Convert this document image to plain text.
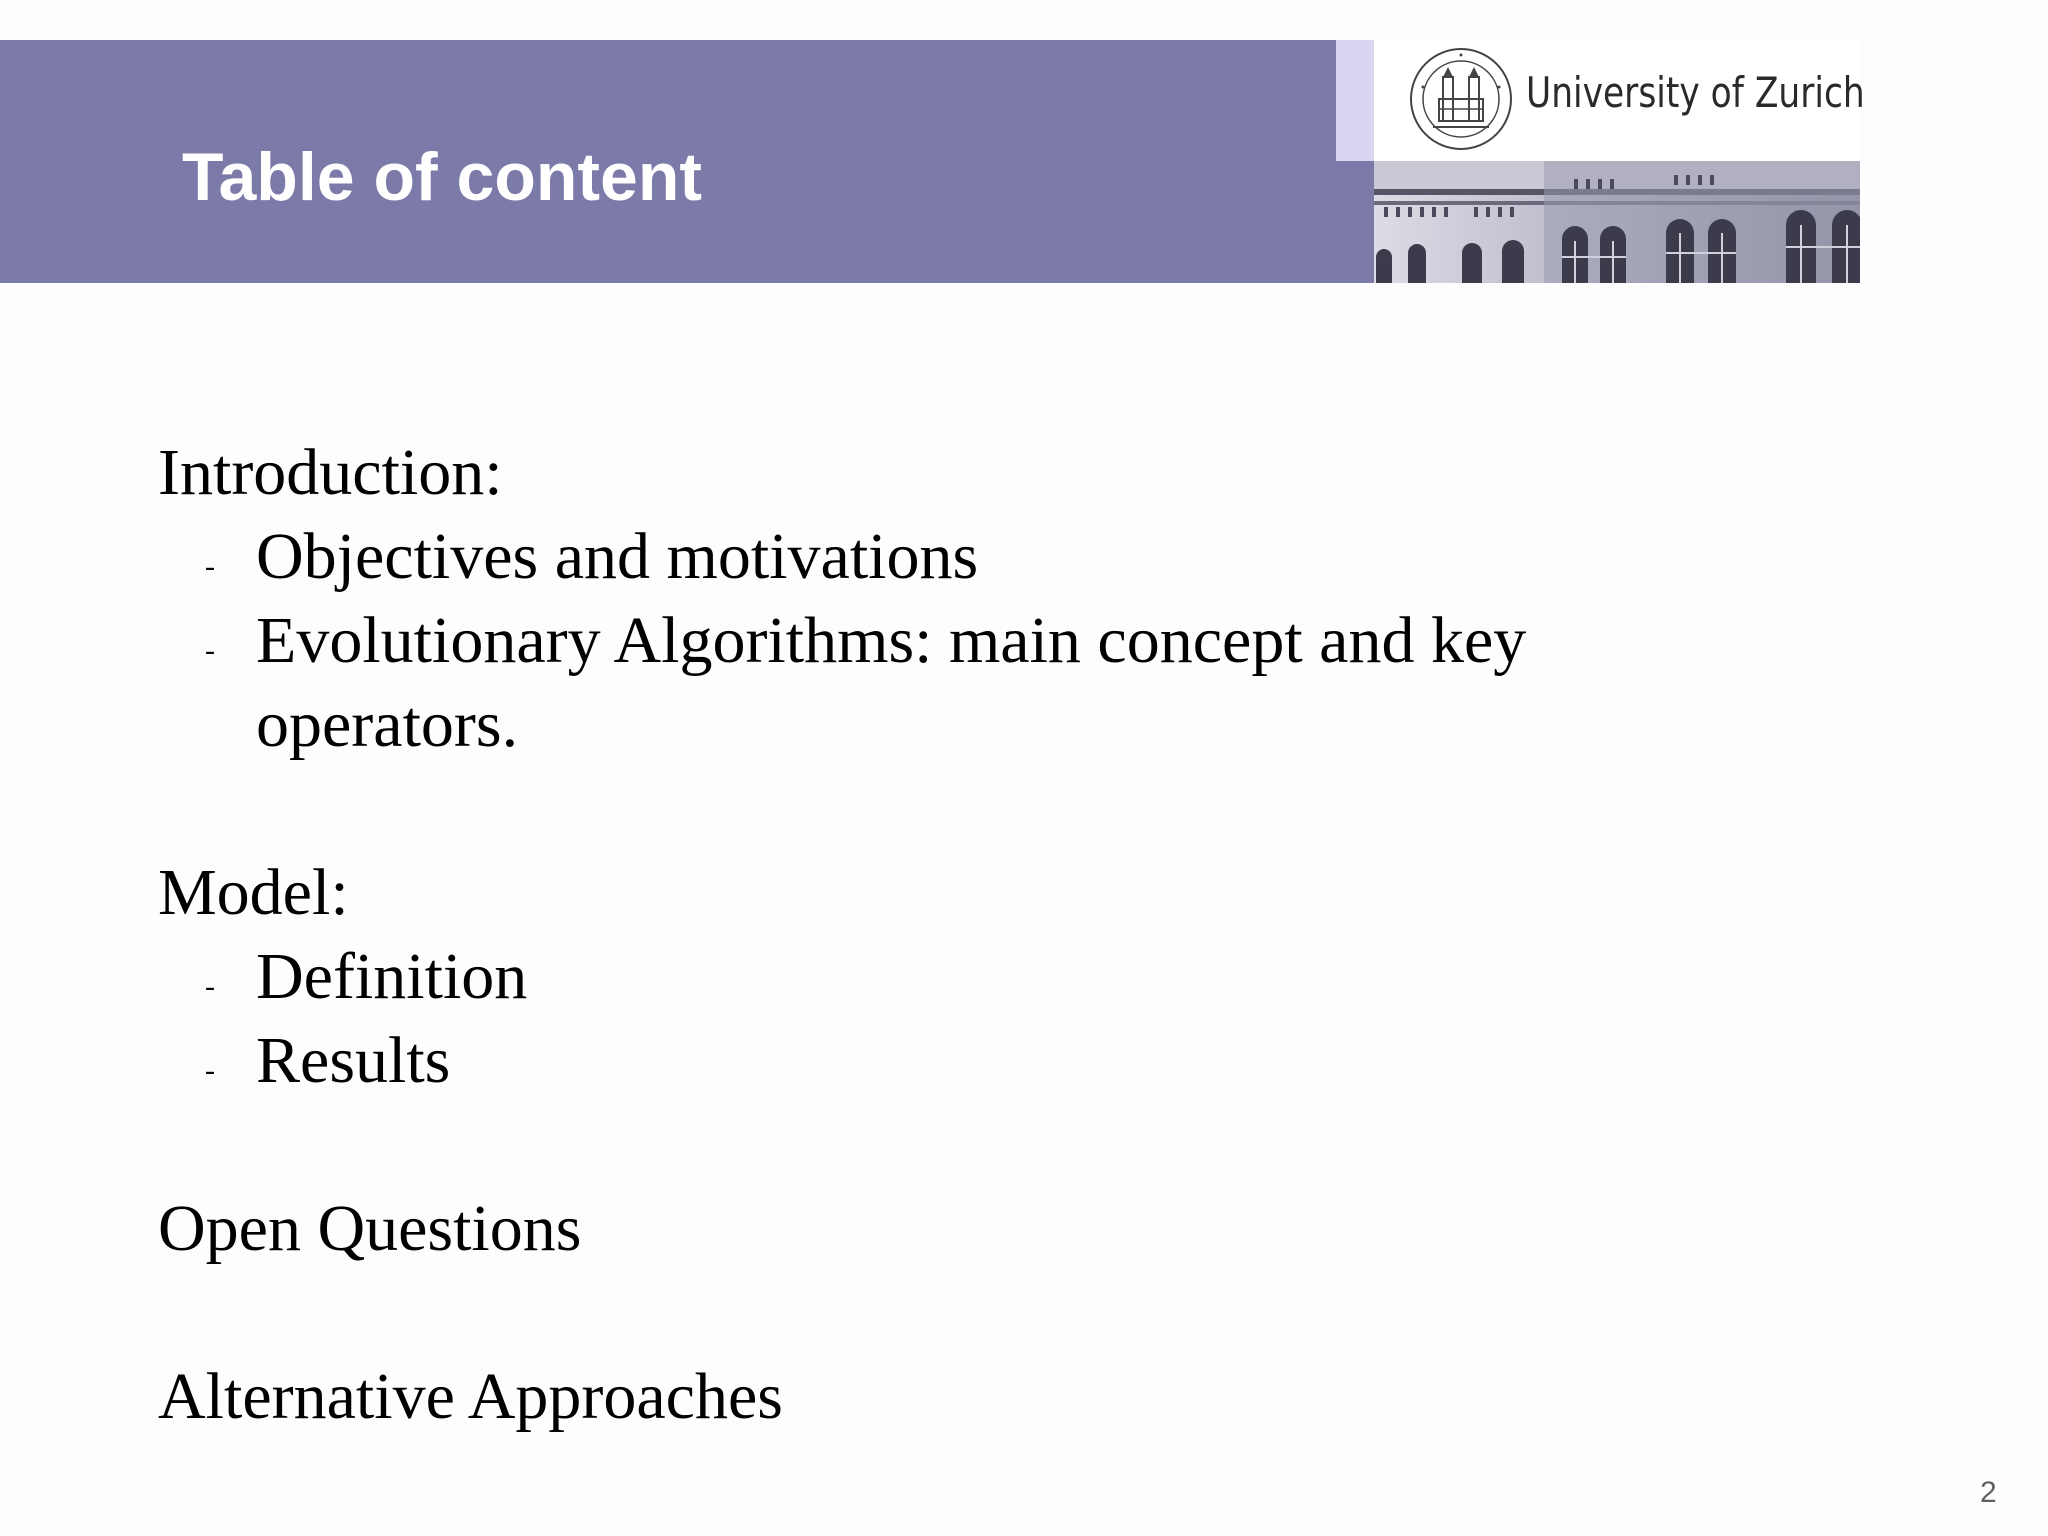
Table of content
University of Zurich
Introduction:
- Objectives and motivations
- Evolutionary Algorithms: main concept and key
operators.
Model:
- Definition
- Results
Open Questions
Alternative Approaches
2
